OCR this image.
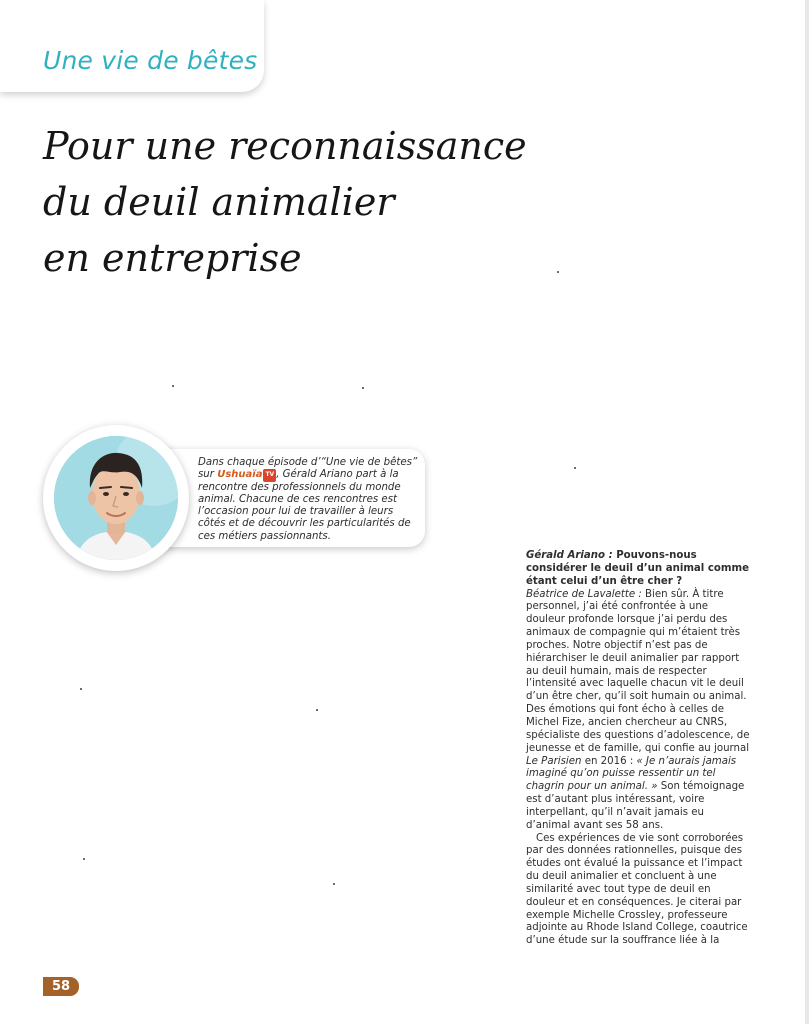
Une vie de bêtes
Pour une reconnaissance
du deuil animalier
en entreprise
Dans chaque épisode d’“Une vie de bêtes” sur Ushuaïa TV , Gérald Ariano part à la rencontre des professionnels du monde animal. Chacune de ces rencontres est l’occasion pour lui de travailler à leurs côtés et de découvrir les particularités de ces métiers passionnants.

Gérald Ariano : Pouvons-nous considérer le deuil d’un animal comme étant celui d’un être cher ?

Béatrice de Lavalette : Bien sûr. À titre personnel, j’ai été confrontée à une douleur profonde lorsque j’ai perdu des animaux de compagnie qui m’étaient très proches. Notre objectif n’est pas de hiérarchiser le deuil animalier par rapport au deuil humain, mais de respecter l’intensité avec laquelle chacun vit le deuil d’un être cher, qu’il soit humain ou animal. Des émotions qui font écho à celles de Michel Fize, ancien chercheur au CNRS, spécialiste des questions d’adolescence, de jeunesse et de famille, qui confie au journal Le Parisien en 2016 : « Je n’aurais jamais imaginé qu’on puisse ressentir un tel chagrin pour un animal. » Son témoignage est d’autant plus intéressant, voire interpellant, qu’il n’avait jamais eu d’animal avant ses 58 ans.

Ces expériences de vie sont corroborées par des données rationnelles, puisque des études ont évalué la puissance et l’impact du deuil animalier et concluent à une similarité avec tout type de deuil en douleur et en conséquences. Je citerai par exemple Michelle Crossley, professeure adjointe au Rhode Island College, coautrice d’une étude sur la souffrance liée à la

58
